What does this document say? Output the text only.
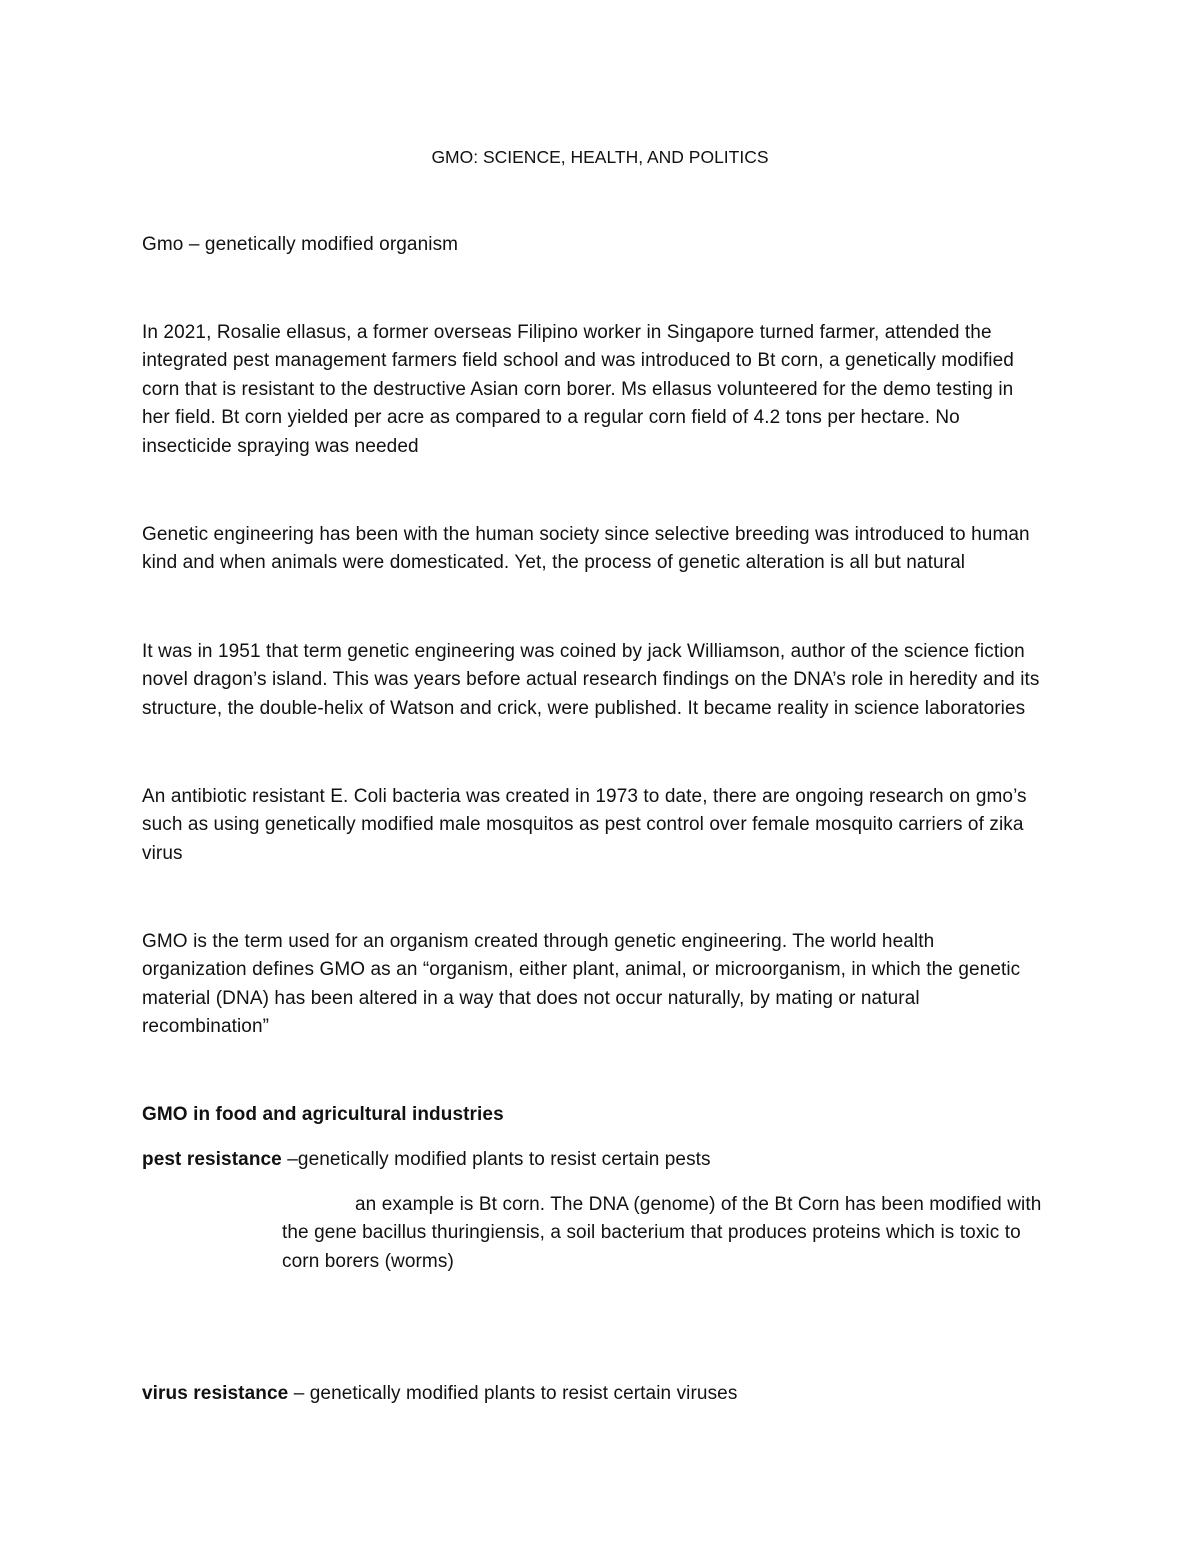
GMO: SCIENCE, HEALTH, AND POLITICS
Gmo – genetically modified organism
In 2021, Rosalie ellasus, a former overseas Filipino worker in Singapore turned farmer, attended the
integrated pest management farmers field school and was introduced to Bt corn, a genetically modified
corn that is resistant to the destructive Asian corn borer. Ms ellasus volunteered for the demo testing in
her field. Bt corn yielded per acre as compared to a regular corn field of 4.2 tons per hectare. No
insecticide spraying was needed
Genetic engineering has been with the human society since selective breeding was introduced to human
kind and when animals were domesticated. Yet, the process of genetic alteration is all but natural
It was in 1951 that term genetic engineering was coined by jack Williamson, author of the science fiction
novel dragon’s island. This was years before actual research findings on the DNA’s role in heredity and its
structure, the double-helix of Watson and crick, were published. It became reality in science laboratories
An antibiotic resistant E. Coli bacteria was created in 1973 to date, there are ongoing research on gmo’s
such as using genetically modified male mosquitos as pest control over female mosquito carriers of zika
virus
GMO is the term used for an organism created through genetic engineering. The world health
organization defines GMO as an “organism, either plant, animal, or microorganism, in which the genetic
material (DNA) has been altered in a way that does not occur naturally, by mating or natural
recombination”
GMO in food and agricultural industries
pest resistance –genetically modified plants to resist certain pests
an example is Bt corn. The DNA (genome) of the Bt Corn has been modified with
the gene bacillus thuringiensis, a soil bacterium that produces proteins which is toxic to
corn borers (worms)
virus resistance – genetically modified plants to resist certain viruses
